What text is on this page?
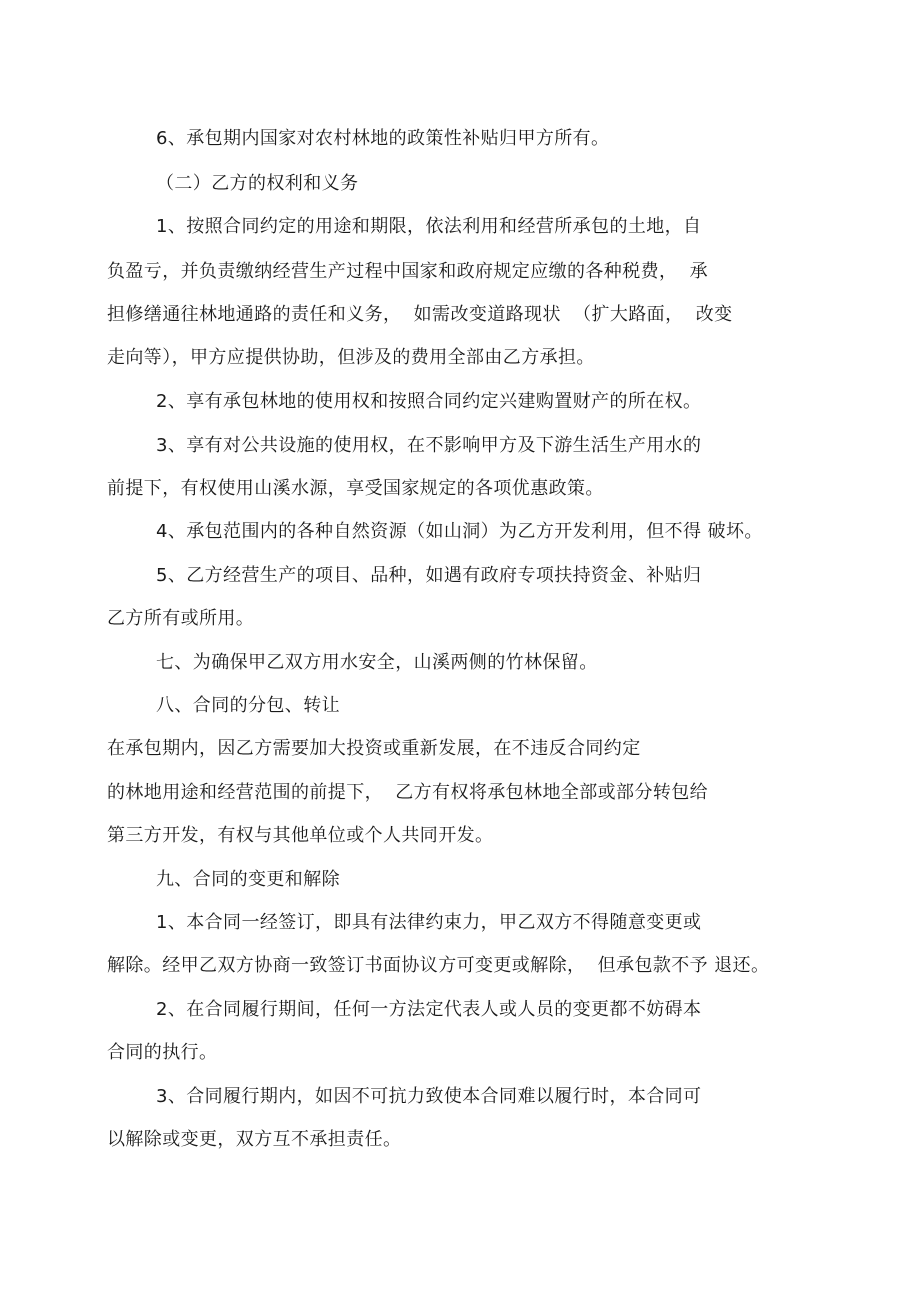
6、承包期内国家对农村林地的政策性补贴归甲方所有。
（二）乙方的权利和义务
1、按照合同约定的用途和期限，依法利用和经营所承包的土地，自
负盈亏，并负责缴纳经营生产过程中国家和政府规定应缴的各种税费，  承
担修缮通往林地通路的责任和义务，  如需改变道路现状  （扩大路面，  改变
走向等），甲方应提供协助，但涉及的费用全部由乙方承担。
2、享有承包林地的使用权和按照合同约定兴建购置财产的所在权。
3、享有对公共设施的使用权，在不影响甲方及下游生活生产用水的
前提下，有权使用山溪水源，享受国家规定的各项优惠政策。
4、承包范围内的各种自然资源（如山洞）为乙方开发利用，但不得 破坏。
5、乙方经营生产的项目、品种，如遇有政府专项扶持资金、补贴归
乙方所有或所用。
七、为确保甲乙双方用水安全，山溪两侧的竹林保留。
八、合同的分包、转让
在承包期内，因乙方需要加大投资或重新发展，在不违反合同约定
的林地用途和经营范围的前提下，  乙方有权将承包林地全部或部分转包给
第三方开发，有权与其他单位或个人共同开发。
九、合同的变更和解除
1、本合同一经签订，即具有法律约束力，甲乙双方不得随意变更或
解除。经甲乙双方协商一致签订书面协议方可变更或解除，  但承包款不予 退还。
2、在合同履行期间，任何一方法定代表人或人员的变更都不妨碍本
合同的执行。
3、合同履行期内，如因不可抗力致使本合同难以履行时，本合同可
以解除或变更，双方互不承担责任。
